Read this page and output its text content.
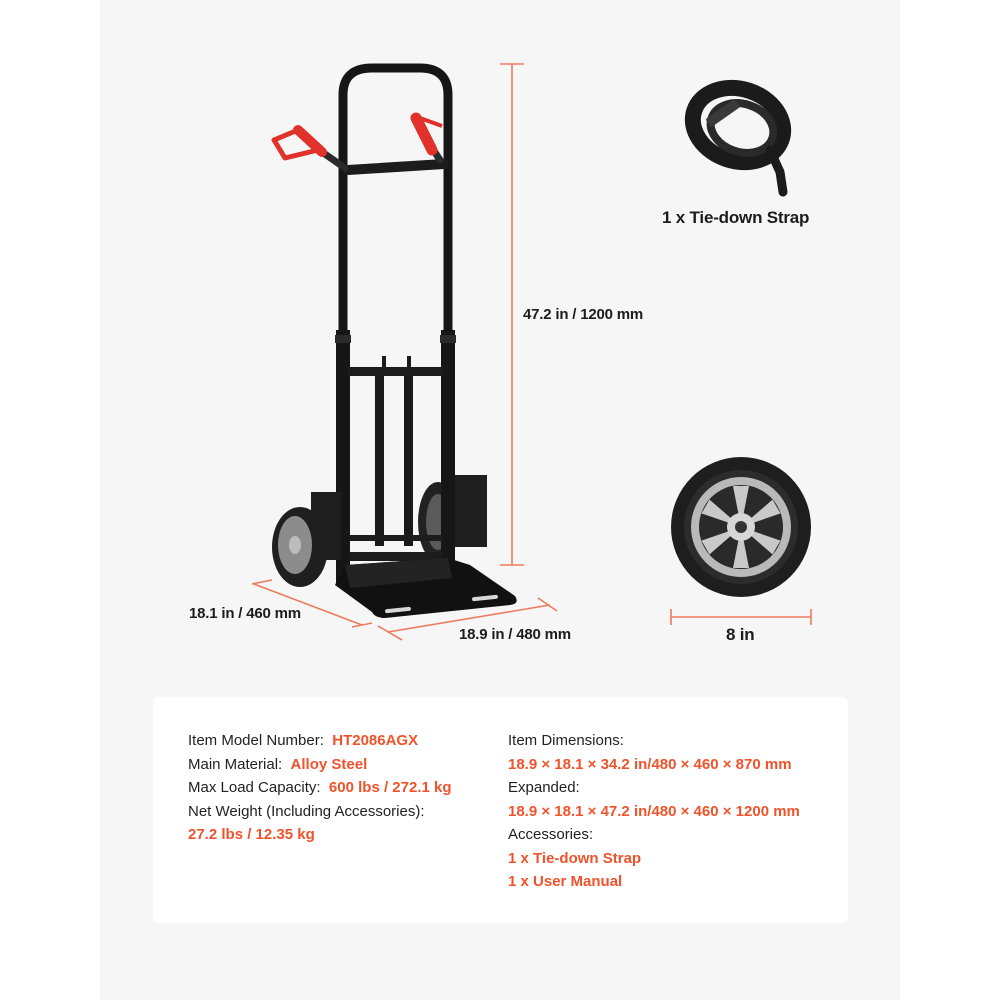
47.2 in / 1200 mm
18.1 in / 460 mm
18.9 in / 480 mm
1 x Tie-down Strap
8 in
Item Model Number: HT2086AGX
Main Material: Alloy Steel
Max Load Capacity: 600 lbs / 272.1 kg
Net Weight (Including Accessories):
27.2 lbs / 12.35 kg
Item Dimensions:
18.9 × 18.1 × 34.2 in/480 × 460 × 870 mm
Expanded:
18.9 × 18.1 × 47.2 in/480 × 460 × 1200 mm
Accessories:
1 x Tie-down Strap
1 x User Manual
